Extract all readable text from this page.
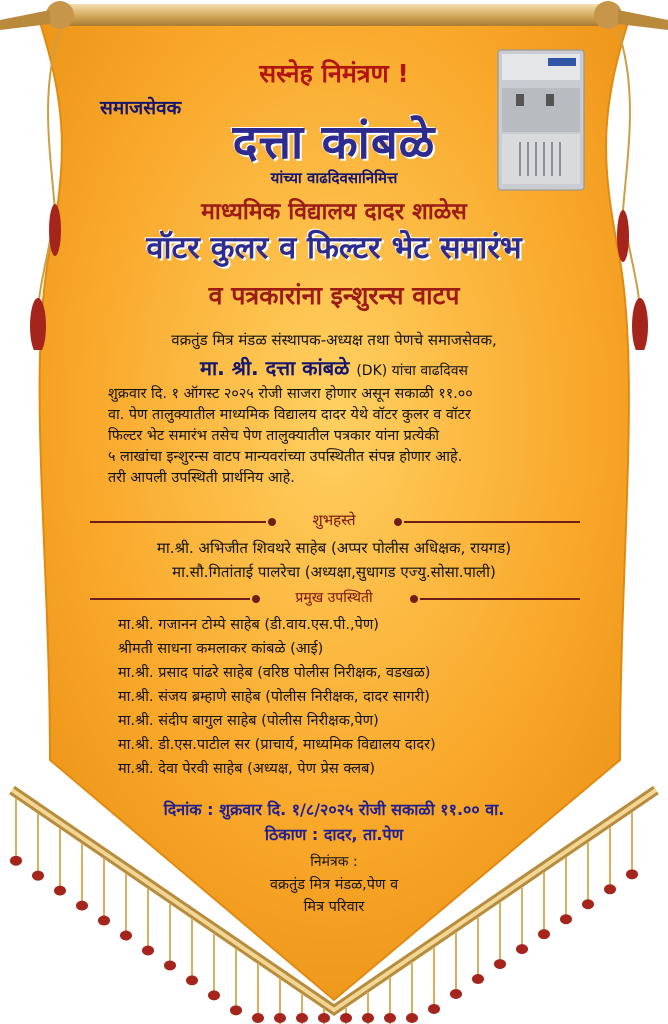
सस्नेह निमंत्रण !
समाजसेवक
दत्ता कांबळे
यांच्या वाढदिवसानिमित्त
माध्यमिक विद्यालय दादर शाळेस
वॉटर कुलर व फिल्टर भेट समारंभ
व पत्रकारांना इन्शुरन्स वाटप
वक्रतुंड मित्र मंडळ संस्थापक-अध्यक्ष तथा पेणचे समाजसेवक,
मा. श्री. दत्ता कांबळे (DK) यांचा वाढदिवस
शुक्रवार दि. १ ऑगस्ट २०२५ रोजी साजरा होणार असून सकाळी ११.००
वा. पेण तालुक्यातील माध्यमिक विद्यालय दादर येथे वॉटर कुलर व वॉटर
फिल्टर भेट समारंभ तसेच पेण तालुक्यातील पत्रकार यांना प्रत्येकी
५ लाखांचा इन्शुरन्स वाटप मान्यवरांच्या उपस्थितीत संपन्न होणार आहे.
तरी आपली उपस्थिती प्रार्थनिय आहे.
शुभहस्ते
मा.श्री. अभिजीत शिवथरे साहेब (अप्पर पोलीस अधिक्षक, रायगड)
मा.सौ.गितांताई पालरेचा (अध्यक्षा,सुधागड एज्यु.सोसा.पाली)
प्रमुख उपस्थिती
मा.श्री. गजानन टोम्पे साहेब (डी.वाय.एस.पी.,पेण)
श्रीमती साधना कमलाकर कांबळे (आई)
मा.श्री. प्रसाद पांढरे साहेब (वरिष्ठ पोलीस निरीक्षक, वडखळ)
मा.श्री. संजय ब्रम्हाणे साहेब (पोलीस निरीक्षक, दादर सागरी)
मा.श्री. संदीप बागुल साहेब (पोलीस निरीक्षक,पेण)
मा.श्री. डी.एस.पाटील सर (प्राचार्य, माध्यमिक विद्यालय दादर)
मा.श्री. देवा पेरवी साहेब (अध्यक्ष, पेण प्रेस क्लब)
दिनांक : शुक्रवार दि. १/८/२०२५ रोजी सकाळी ११.०० वा.
ठिकाण : दादर, ता.पेण
निमंत्रक :
वक्रतुंड मित्र मंडळ,पेण व
मित्र परिवार
